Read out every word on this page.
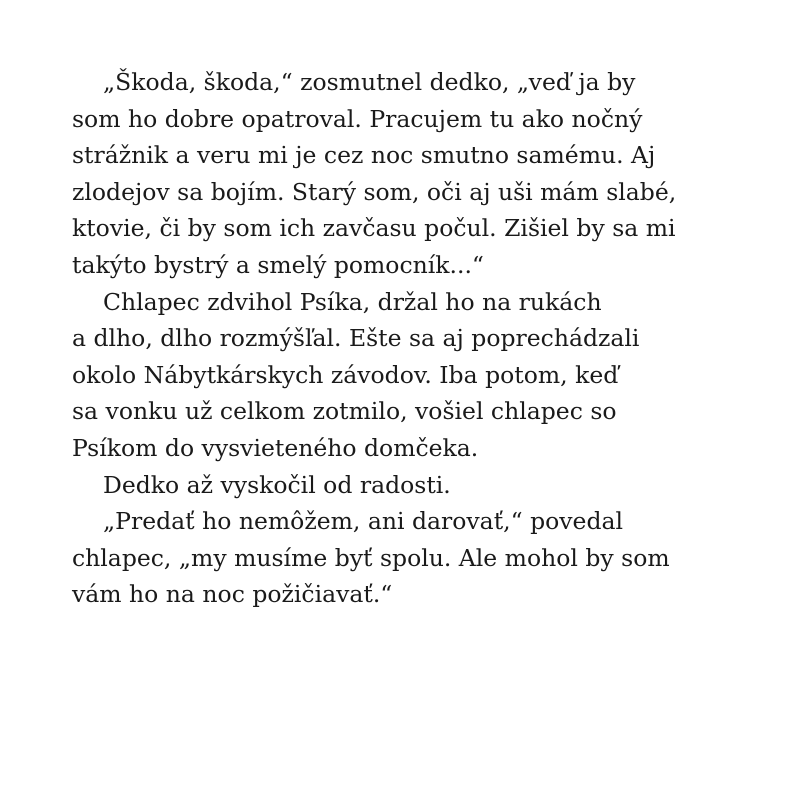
„Škoda, škoda,“ zosmutnel dedko, „veď ja by
som ho dobre opatroval. Pracujem tu ako nočný
strážnik a veru mi je cez noc smutno samému. Aj
zlodejov sa bojím. Starý som, oči aj uši mám slabé,
ktovie, či by som ich zavčasu počul. Zišiel by sa mi
takýto bystrý a smelý pomocník...“
Chlapec zdvihol Psíka, držal ho na rukách
a dlho, dlho rozmýšľal. Ešte sa aj poprechádzali
okolo Nábytkárskych závodov. Iba potom, keď
sa vonku už celkom zotmilo, vošiel chlapec so
Psíkom do vysvieteného domčeka.
Dedko až vyskočil od radosti.
„Predať ho nemôžem, ani darovať,“ povedal
chlapec, „my musíme byť spolu. Ale mohol by som
vám ho na noc požičiavať.“
